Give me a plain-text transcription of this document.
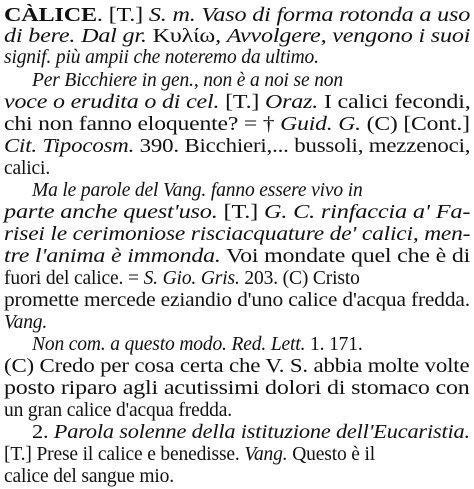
CÀLICE. [T.] S. m. Vaso di forma rotonda a uso
di bere. Dal gr. Κυλίω, Avvolgere, vengono i suoi
signif. più ampii che noteremo da ultimo.
Per Bicchiere in gen., non è a noi se non
voce o erudita o di cel. [T.] Oraz. I calici fecondi,
chi non fanno eloquente? = † Guid. G. (C) [Cont.]
Cit. Tipocosm. 390. Bicchieri,... bussoli, mezzenoci,
calici.
Ma le parole del Vang. fanno essere vivo in
parte anche quest'uso. [T.] G. C. rinfaccia a' Fa-
risei le cerimoniose risciacquature de' calici, men-
tre l'anima è immonda. Voi mondate quel che è di
fuori del calice. = S. Gio. Gris. 203. (C) Cristo
promette mercede eziandio d'uno calice d'acqua fredda.
Vang.
Non com. a questo modo. Red. Lett. 1. 171.
(C) Credo per cosa certa che V. S. abbia molte volte
posto riparo agli acutissimi dolori di stomaco con
un gran calice d'acqua fredda.
2. Parola solenne della istituzione dell'Eucaristia.
[T.] Prese il calice e benedisse. Vang. Questo è il
calice del sangue mio.
